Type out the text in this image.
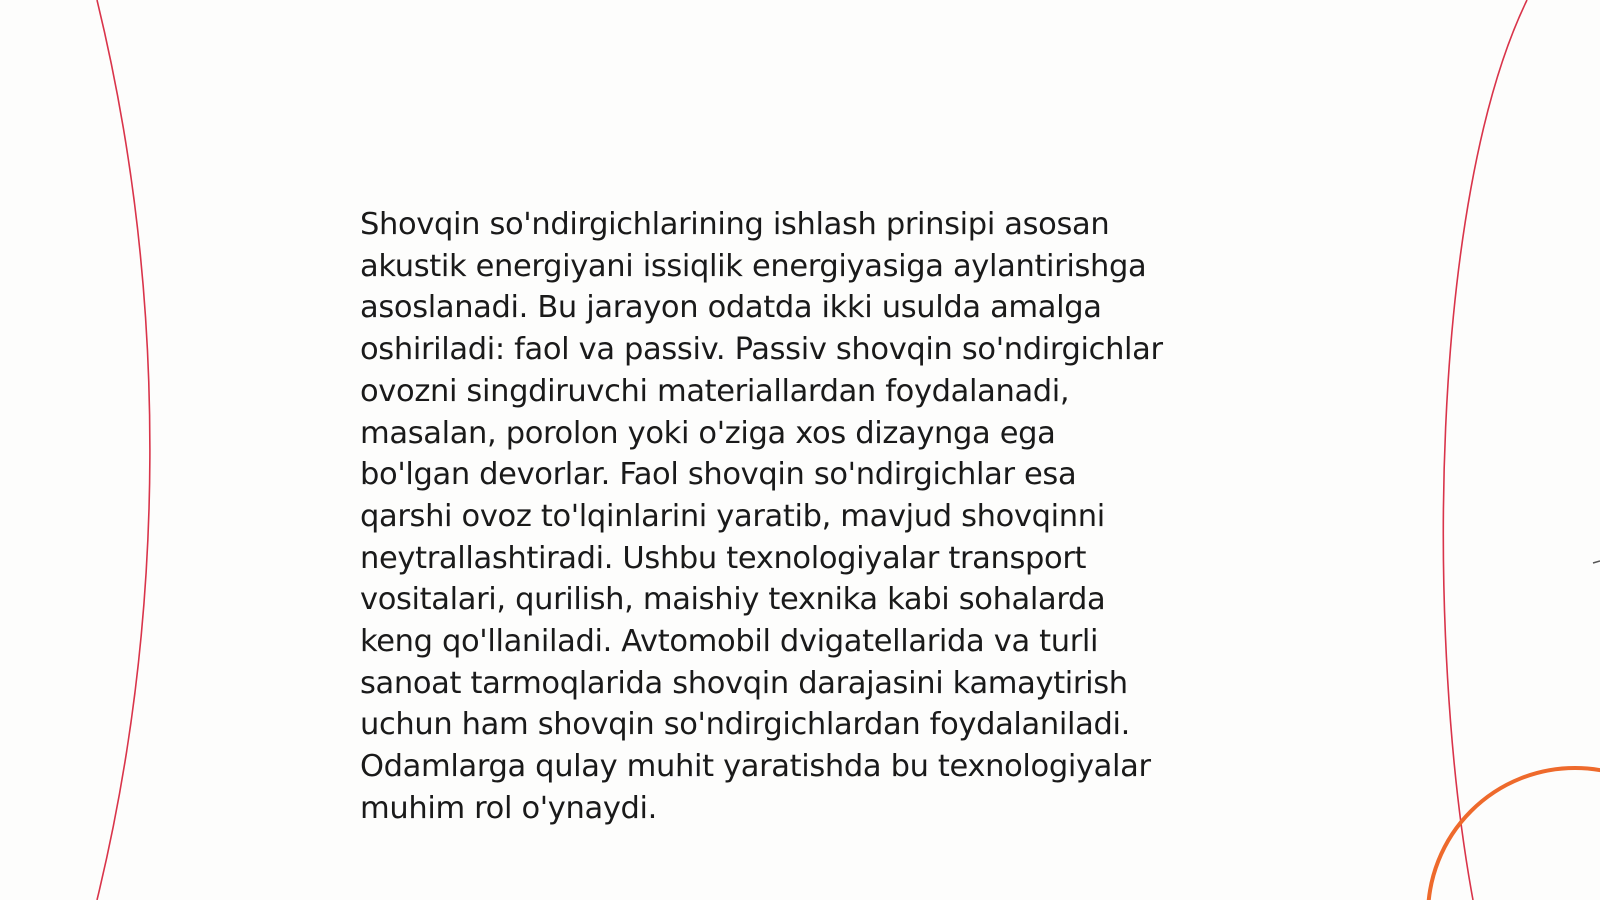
Shovqin so'ndirgichlarining ishlash prinsipi asosan
akustik energiyani issiqlik energiyasiga aylantirishga
asoslanadi. Bu jarayon odatda ikki usulda amalga
oshiriladi: faol va passiv. Passiv shovqin so'ndirgichlar
ovozni singdiruvchi materiallardan foydalanadi,
masalan, porolon yoki o'ziga xos dizaynga ega
bo'lgan devorlar. Faol shovqin so'ndirgichlar esa
qarshi ovoz to'lqinlarini yaratib, mavjud shovqinni
neytrallashtiradi. Ushbu texnologiyalar transport
vositalari, qurilish, maishiy texnika kabi sohalarda
keng qo'llaniladi. Avtomobil dvigatellarida va turli
sanoat tarmoqlarida shovqin darajasini kamaytirish
uchun ham shovqin so'ndirgichlardan foydalaniladi.
Odamlarga qulay muhit yaratishda bu texnologiyalar
muhim rol o'ynaydi.
